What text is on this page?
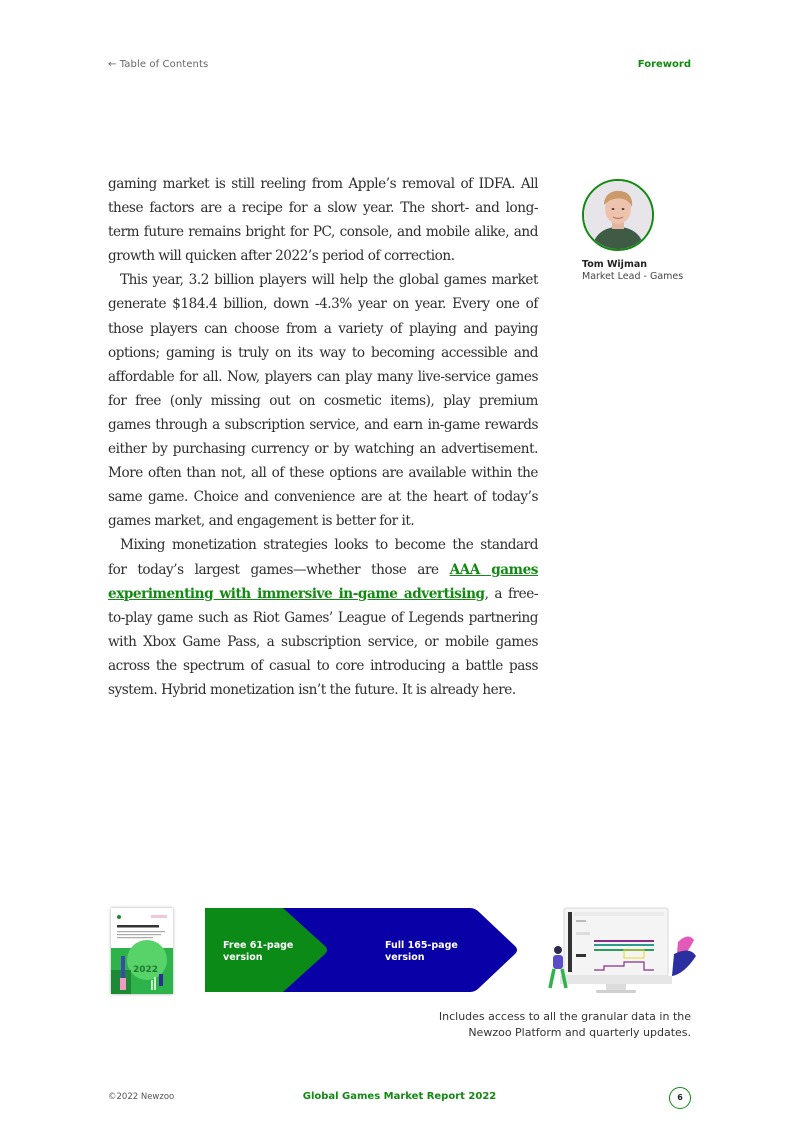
← Table of Contents	Foreword

gaming market is still reeling from Apple’s removal of IDFA. All these factors are a recipe for a slow year. The short- and long-term future remains bright for PC, console, and mobile alike, and growth will quicken after 2022’s period of correction.

This year, 3.2 billion players will help the global games market generate $184.4 billion, down -4.3% year on year. Every one of those players can choose from a variety of playing and paying options; gaming is truly on its way to becoming accessible and affordable for all. Now, players can play many live-service games for free (only missing out on cosmetic items), play premium games through a subscription service, and earn in-game rewards either by purchasing currency or by watching an advertisement. More often than not, all of these options are available within the same game. Choice and convenience are at the heart of today’s games market, and engagement is better for it.

Mixing monetization strategies looks to become the standard for today’s largest games—whether those are AAA games experimenting with immersive in-game advertising, a free-to-play game such as Riot Games’ League of Legends partnering with Xbox Game Pass, a subscription service, or mobile games across the spectrum of casual to core introducing a battle pass system. Hybrid monetization isn’t the future. It is already here.

Tom Wijman
Market Lead - Games
2022
Free 61-page version
Full 165-page version
Includes access to all the granular data in the
Newzoo Platform and quarterly updates.
©2022 Newzoo	Global Games Market Report 2022	6
